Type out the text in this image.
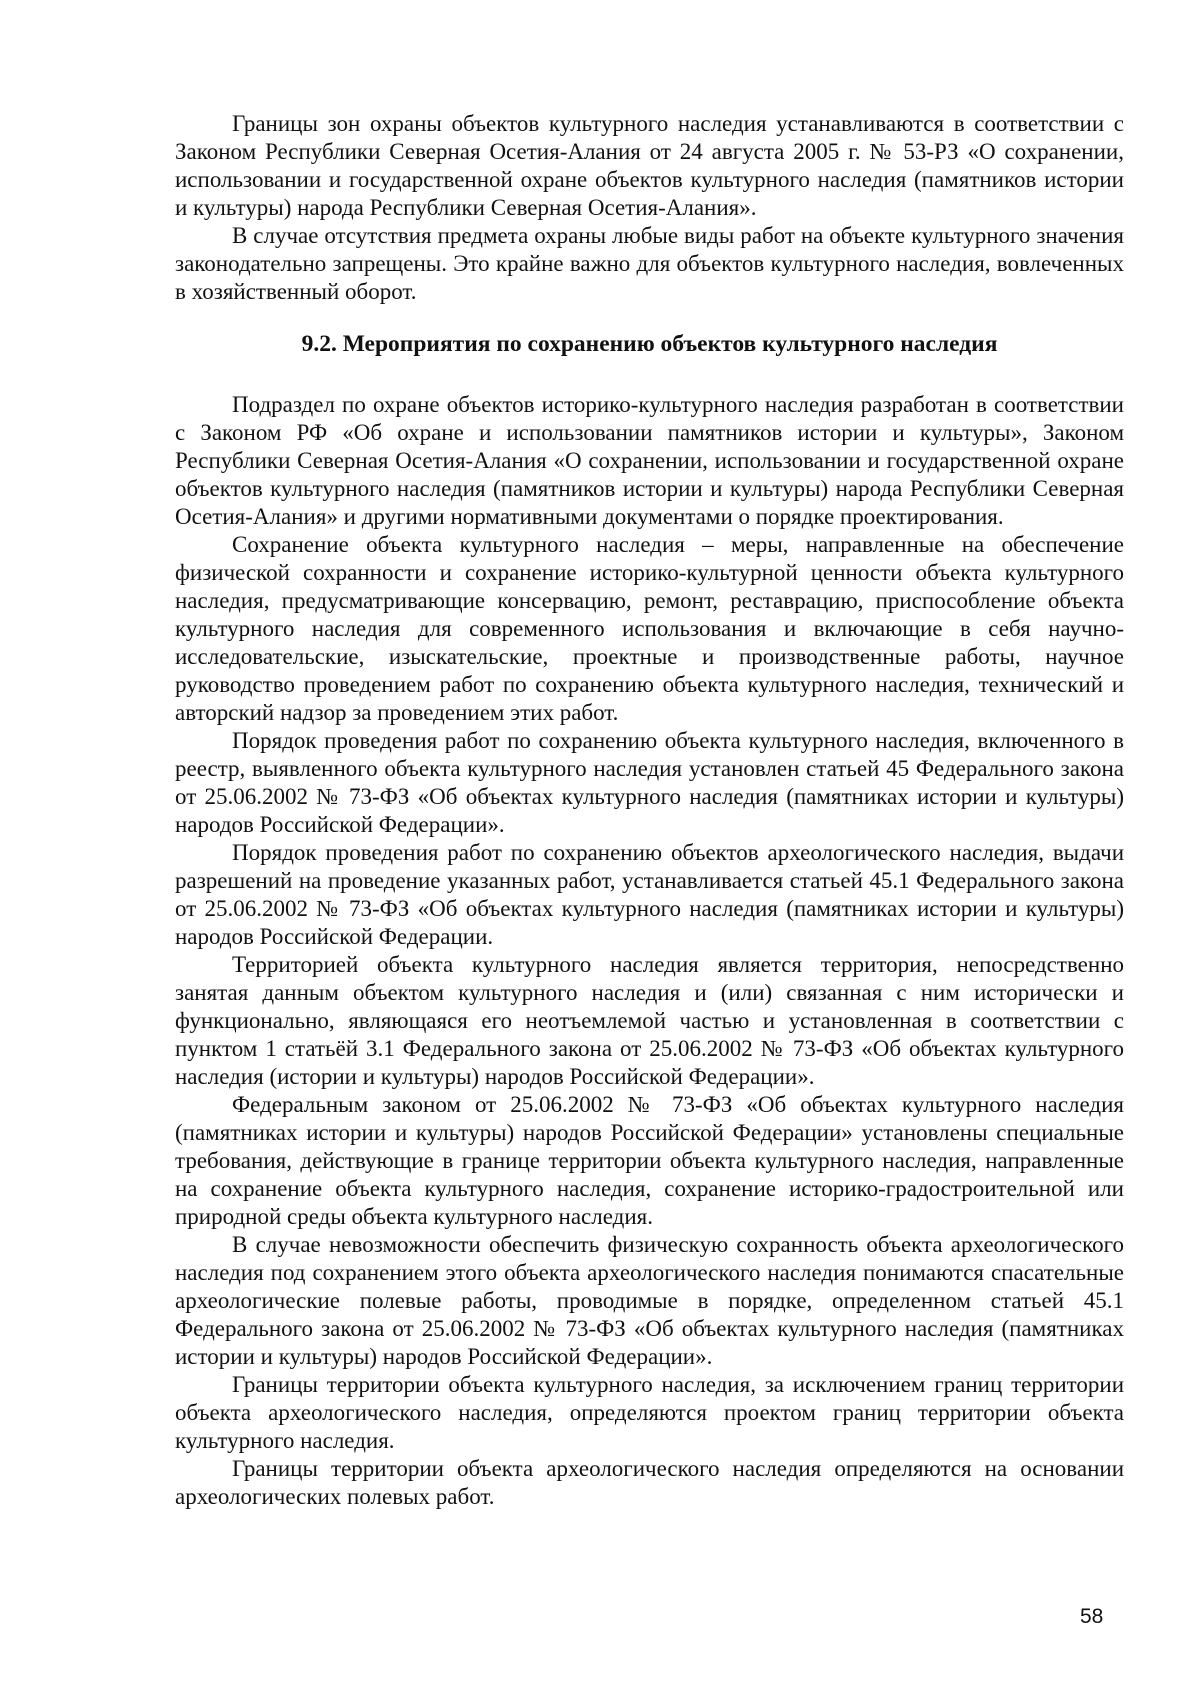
Границы зон охраны объектов культурного наследия устанавливаются в соответствии с Законом Республики Северная Осетия-Алания от 24 августа 2005 г. № 53-РЗ «О сохранении, использовании и государственной охране объектов культурного наследия (памятников истории и культуры) народа Республики Северная Осетия-Алания».

В случае отсутствия предмета охраны любые виды работ на объекте культурного значения законодательно запрещены. Это крайне важно для объектов культурного наследия, вовлеченных в хозяйственный оборот.

9.2. Мероприятия по сохранению объектов культурного наследия

Подраздел по охране объектов историко-культурного наследия разработан в соответствии с Законом РФ «Об охране и использовании памятников истории и культуры», Законом Республики Северная Осетия-Алания «О сохранении, использовании и государственной охране объектов культурного наследия (памятников истории и культуры) народа Республики Северная Осетия-Алания» и другими нормативными документами о порядке проектирования.

Сохранение объекта культурного наследия – меры, направленные на обеспечение физической сохранности и сохранение историко-культурной ценности объекта культурного наследия, предусматривающие консервацию, ремонт, реставрацию, приспособление объекта культурного наследия для современного использования и включающие в себя научно-исследовательские, изыскательские, проектные и производственные работы, научное руководство проведением работ по сохранению объекта культурного наследия, технический и авторский надзор за проведением этих работ.

Порядок проведения работ по сохранению объекта культурного наследия, включенного в реестр, выявленного объекта культурного наследия установлен статьей 45 Федерального закона от 25.06.2002 № 73-ФЗ «Об объектах культурного наследия (памятниках истории и культуры) народов Российской Федерации».

Порядок проведения работ по сохранению объектов археологического наследия, выдачи разрешений на проведение указанных работ, устанавливается статьей 45.1 Федерального закона от 25.06.2002 № 73-ФЗ «Об объектах культурного наследия (памятниках истории и культуры) народов Российской Федерации.

Территорией объекта культурного наследия является территория, непосредственно занятая данным объектом культурного наследия и (или) связанная с ним исторически и функционально, являющаяся его неотъемлемой частью и установленная в соответствии с пунктом 1 статьёй 3.1 Федерального закона от 25.06.2002 № 73-ФЗ «Об объектах культурного наследия (истории и культуры) народов Российской Федерации».

Федеральным законом от 25.06.2002 № 73-ФЗ «Об объектах культурного наследия (памятниках истории и культуры) народов Российской Федерации» установлены специальные требования, действующие в границе территории объекта культурного наследия, направленные на сохранение объекта культурного наследия, сохранение историко-градостроительной или природной среды объекта культурного наследия.

В случае невозможности обеспечить физическую сохранность объекта археологического наследия под сохранением этого объекта археологического наследия понимаются спасательные археологические полевые работы, проводимые в порядке, определенном статьей 45.1 Федерального закона от 25.06.2002 № 73-ФЗ «Об объектах культурного наследия (памятниках истории и культуры) народов Российской Федерации».

Границы территории объекта культурного наследия, за исключением границ территории объекта археологического наследия, определяются проектом границ территории объекта культурного наследия.

Границы территории объекта археологического наследия определяются на основании археологических полевых работ.

58
